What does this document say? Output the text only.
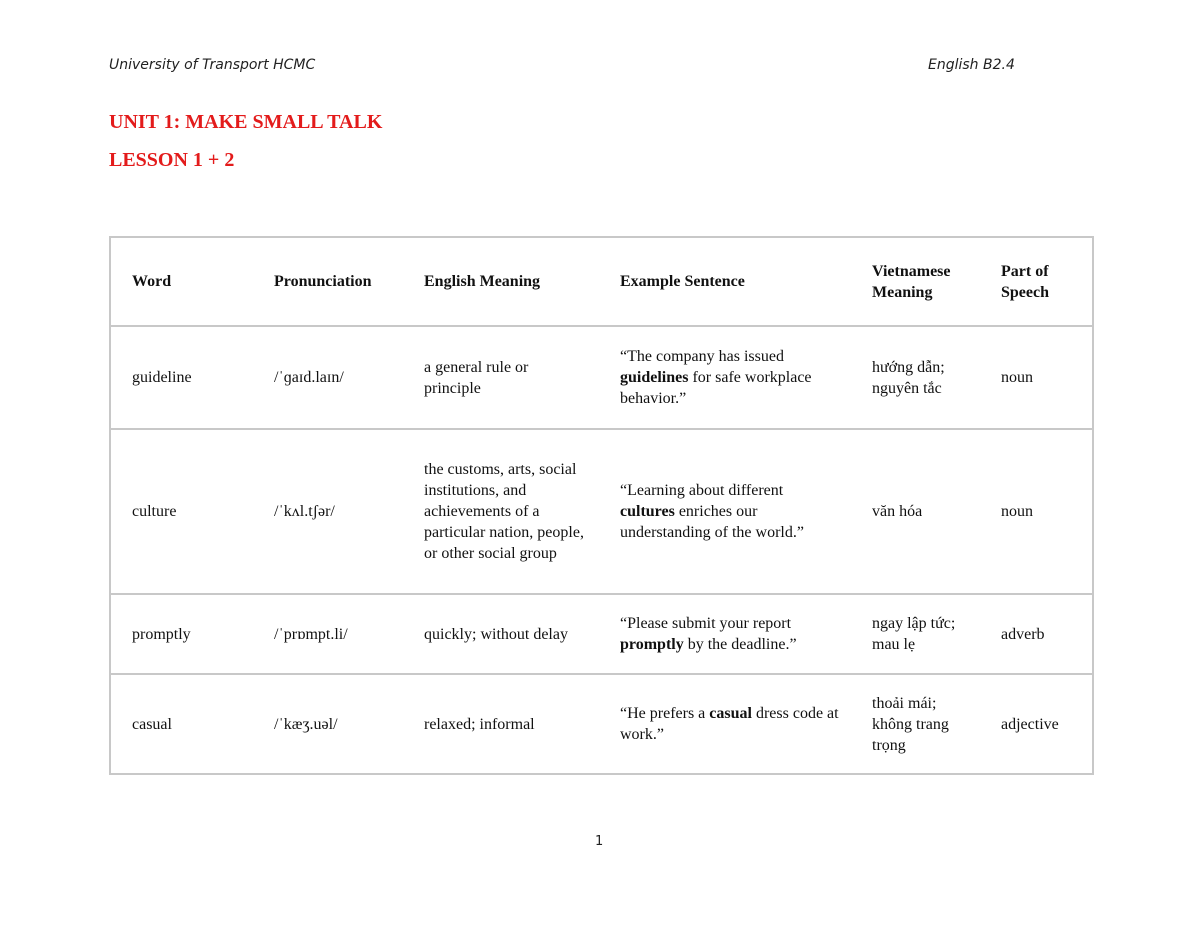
University of Transport HCMC	English B2.4
UNIT 1: MAKE SMALL TALK
LESSON 1 + 2
Word	Pronunciation	English Meaning	Example Sentence	Vietnamese Meaning	Part of Speech
guideline	/ˈɡaɪd.laɪn/	a general rule or principle	“The company has issued guidelines for safe workplace behavior.”	hướng dẫn; nguyên tắc	noun
culture	/ˈkʌl.tʃər/	the customs, arts, social institutions, and achievements of a particular nation, people, or other social group	“Learning about different cultures enriches our understanding of the world.”	văn hóa	noun
promptly	/ˈprɒmpt.li/	quickly; without delay	“Please submit your report promptly by the deadline.”	ngay lập tức; mau lẹ	adverb
casual	/ˈkæʒ.uəl/	relaxed; informal	“He prefers a casual dress code at work.”	thoải mái; không trang trọng	adjective
1
